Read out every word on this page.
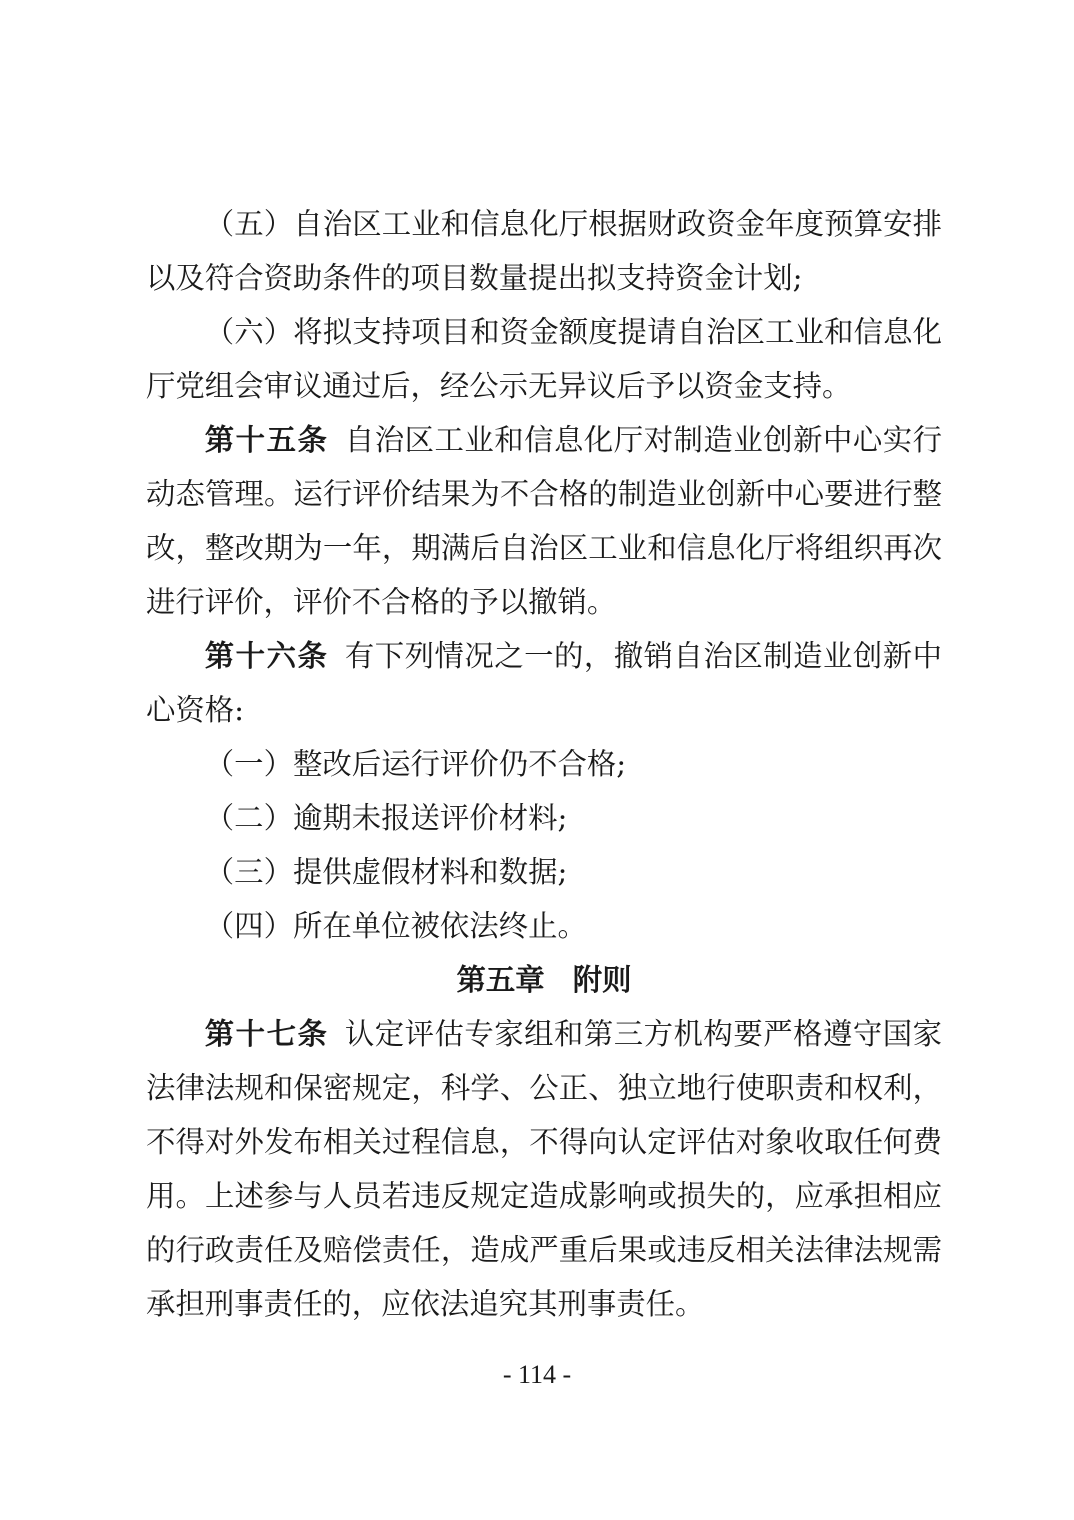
（五）自治区工业和信息化厅根据财政资金年度预算安排以及符合资助条件的项目数量提出拟支持资金计划;

（六）将拟支持项目和资金额度提请自治区工业和信息化厅党组会审议通过后，经公示无异议后予以资金支持。

第十五条 自治区工业和信息化厅对制造业创新中心实行动态管理。运行评价结果为不合格的制造业创新中心要进行整改，整改期为一年，期满后自治区工业和信息化厅将组织再次进行评价，评价不合格的予以撤销。

第十六条 有下列情况之一的，撤销自治区制造业创新中心资格:

（一）整改后运行评价仍不合格;

（二）逾期未报送评价材料;

（三）提供虚假材料和数据;

（四）所在单位被依法终止。

第五章 附则

第十七条 认定评估专家组和第三方机构要严格遵守国家法律法规和保密规定，科学、公正、独立地行使职责和权利，不得对外发布相关过程信息，不得向认定评估对象收取任何费用。上述参与人员若违反规定造成影响或损失的，应承担相应的行政责任及赔偿责任，造成严重后果或违反相关法律法规需承担刑事责任的，应依法追究其刑事责任。

- 114 -
